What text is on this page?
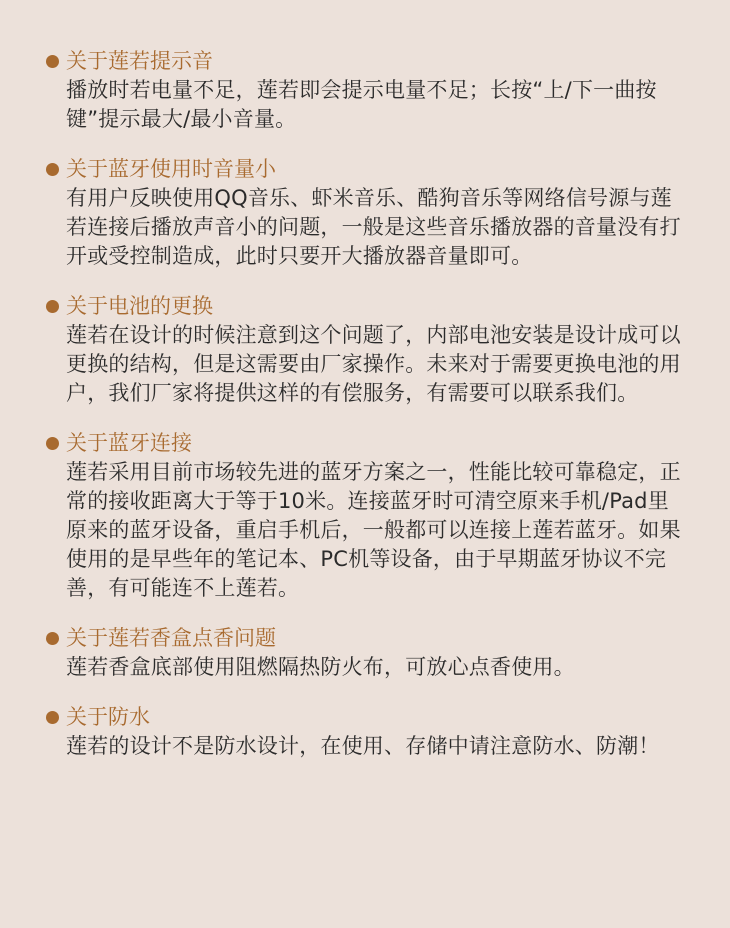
关于莲若提示音
播放时若电量不足，莲若即会提示电量不足；长按“上/下一曲按键”提示最大/最小音量。
关于蓝牙使用时音量小
有用户反映使用QQ音乐、虾米音乐、酷狗音乐等网络信号源与莲若连接后播放声音小的问题，一般是这些音乐播放器的音量没有打开或受控制造成，此时只要开大播放器音量即可。
关于电池的更换
莲若在设计的时候注意到这个问题了，内部电池安装是设计成可以更换的结构，但是这需要由厂家操作。未来对于需要更换电池的用户，我们厂家将提供这样的有偿服务，有需要可以联系我们。
关于蓝牙连接
莲若采用目前市场较先进的蓝牙方案之一，性能比较可靠稳定，正常的接收距离大于等于10米。连接蓝牙时可清空原来手机/Pad里原来的蓝牙设备，重启手机后，一般都可以连接上莲若蓝牙。如果使用的是早些年的笔记本、PC机等设备，由于早期蓝牙协议不完善，有可能连不上莲若。
关于莲若香盒点香问题
莲若香盒底部使用阻燃隔热防火布，可放心点香使用。
关于防水
莲若的设计不是防水设计，在使用、存储中请注意防水、防潮！
